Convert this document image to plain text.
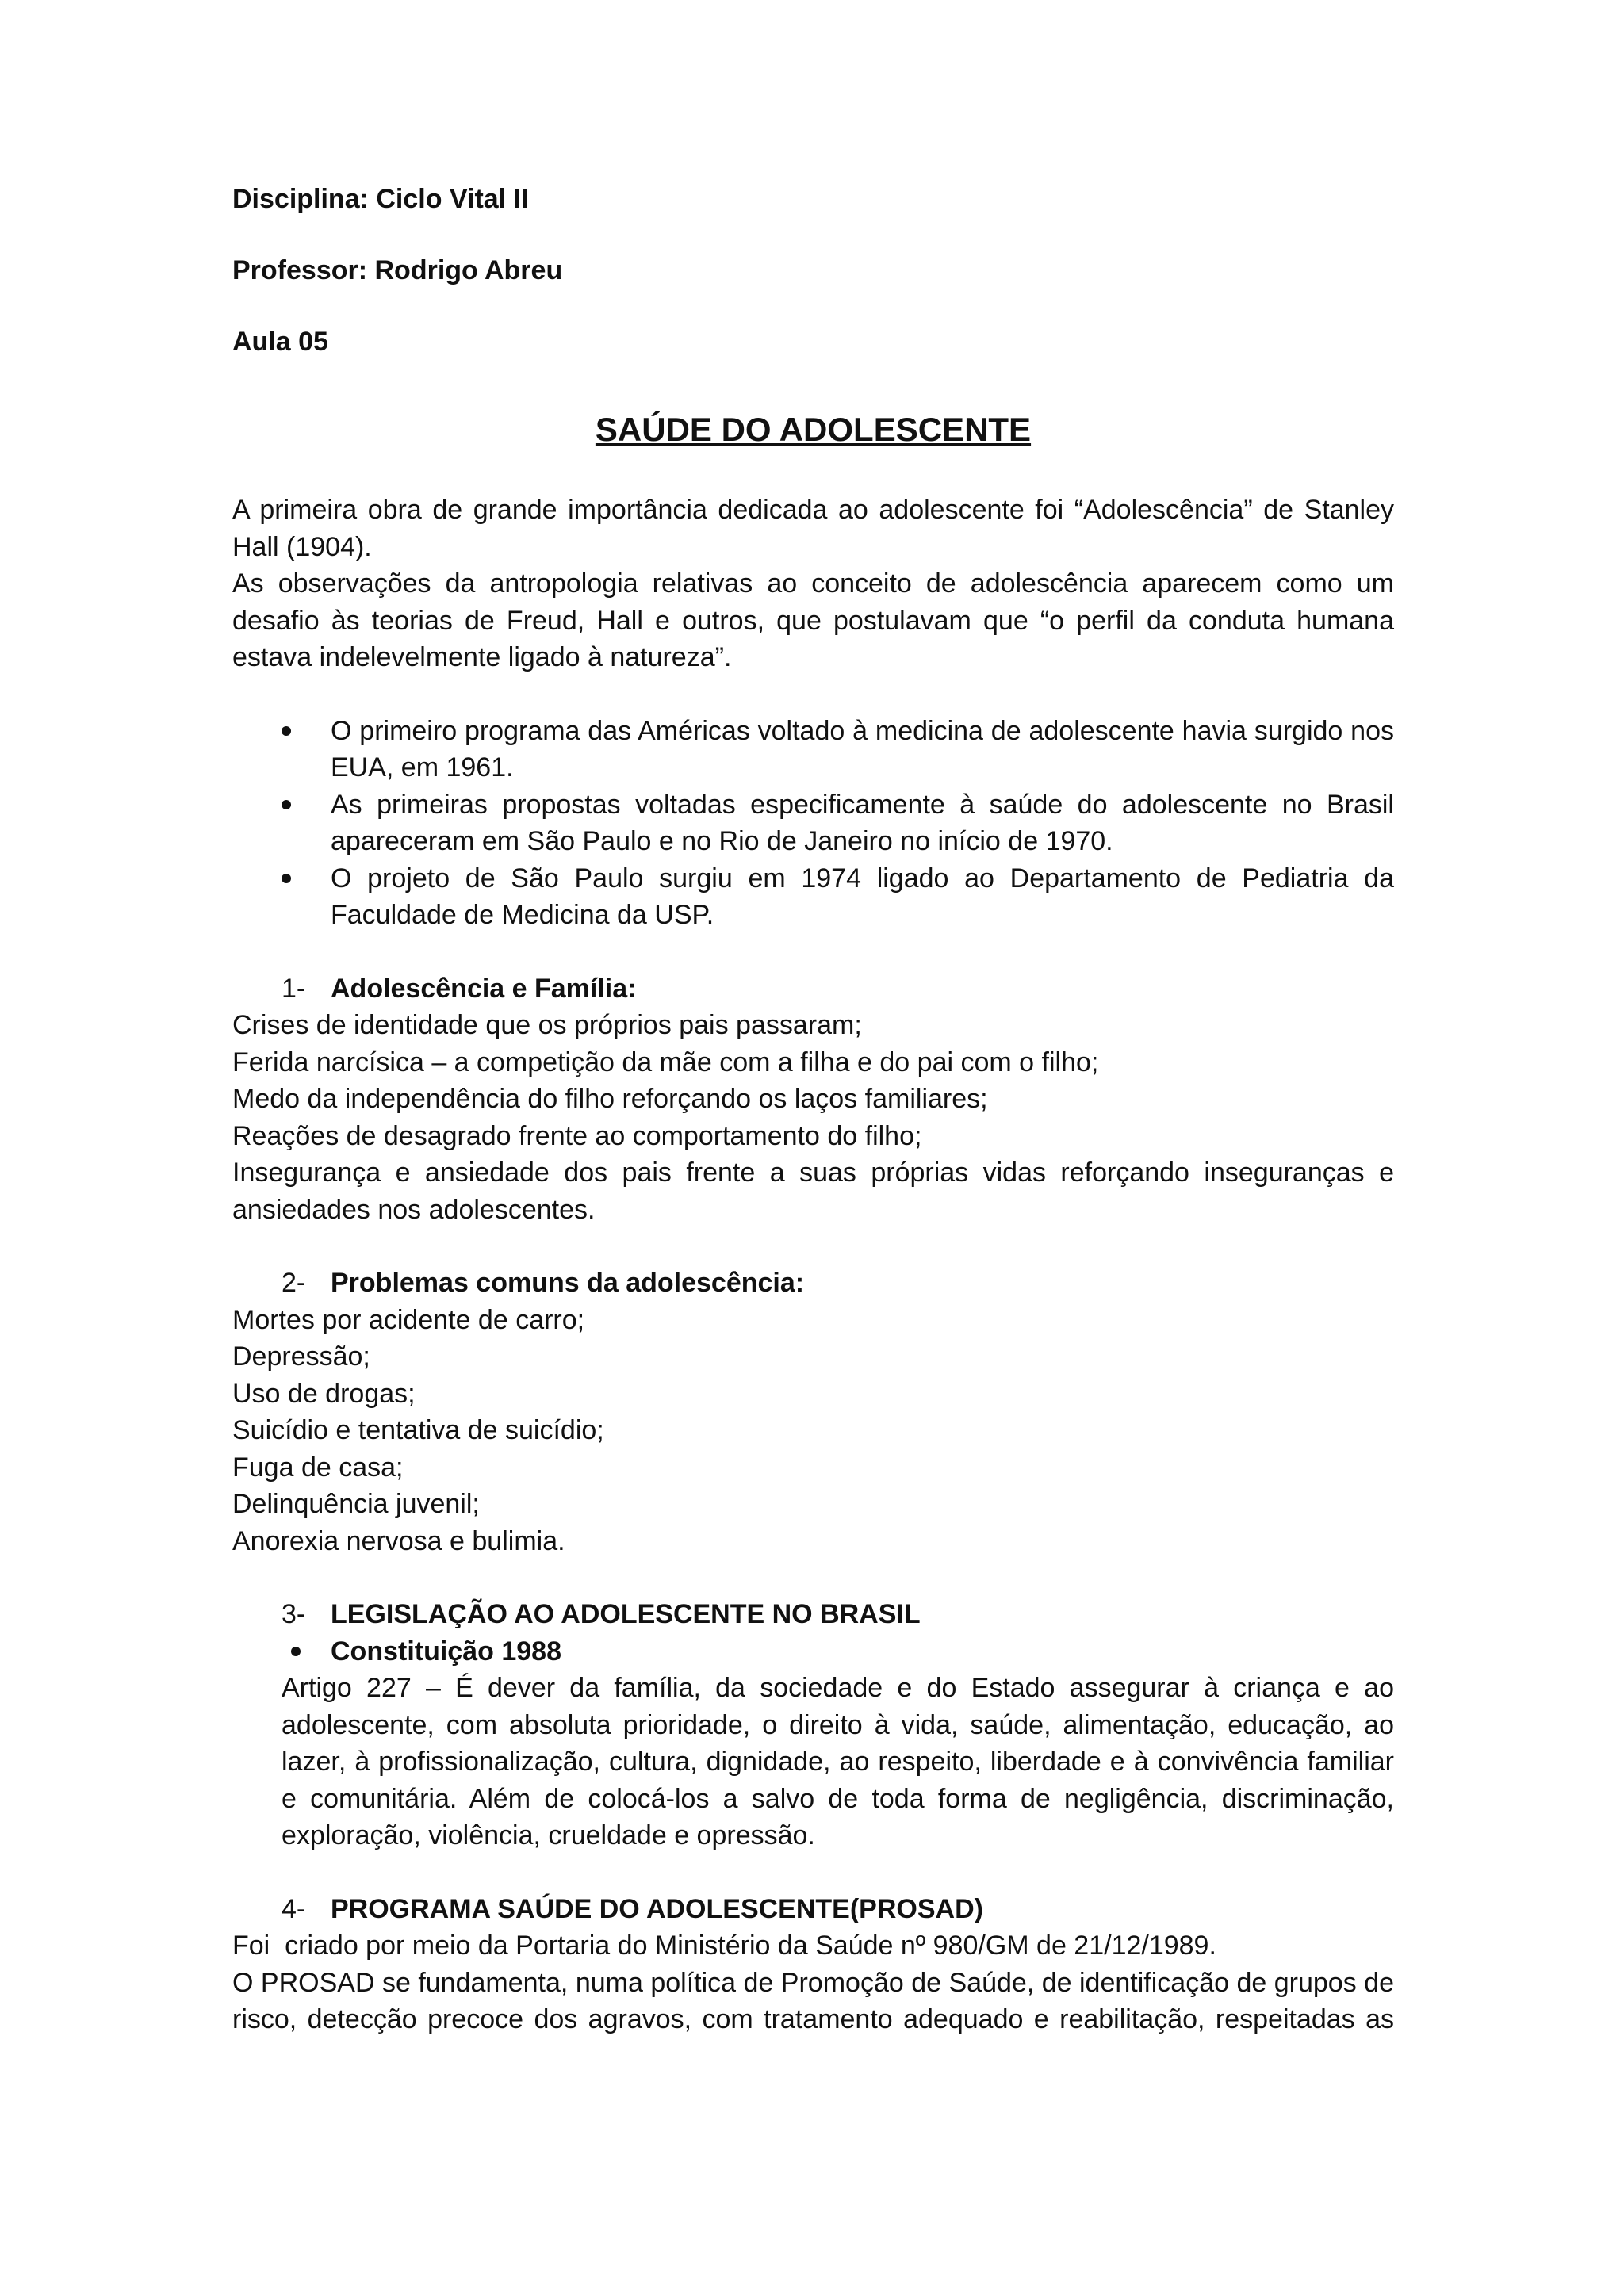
Disciplina: Ciclo Vital II

Professor: Rodrigo Abreu

Aula 05

SAÚDE DO ADOLESCENTE

A primeira obra de grande importância dedicada ao adolescente foi “Adolescência” de Stanley Hall (1904).

As observações da antropologia relativas ao conceito de adolescência aparecem como um desafio às teorias de Freud, Hall e outros, que postulavam que “o perfil da conduta humana estava indelevelmente ligado à natureza”.

O primeiro programa das Américas voltado à medicina de adolescente havia surgido nos EUA, em 1961.
As primeiras propostas voltadas especificamente à saúde do adolescente no Brasil apareceram em São Paulo e no Rio de Janeiro no início de 1970.
O projeto de São Paulo surgiu em 1974 ligado ao Departamento de Pediatria da Faculdade de Medicina da USP.
1- Adolescência e Família:

Crises de identidade que os próprios pais passaram;

Ferida narcísica – a competição da mãe com a filha e do pai com o filho;

Medo da independência do filho reforçando os laços familiares;

Reações de desagrado frente ao comportamento do filho;

Insegurança e ansiedade dos pais frente a suas próprias vidas reforçando inseguranças e ansiedades nos adolescentes.

2- Problemas comuns da adolescência:

Mortes por acidente de carro;

Depressão;

Uso de drogas;

Suicídio e tentativa de suicídio;

Fuga de casa;

Delinquência juvenil;

Anorexia nervosa e bulimia.

3- LEGISLAÇÃO AO ADOLESCENTE NO BRASIL
Constituição 1988

Artigo 227 – É dever da família, da sociedade e do Estado assegurar à criança e ao adolescente, com absoluta prioridade, o direito à vida, saúde, alimentação, educação, ao lazer, à profissionalização, cultura, dignidade, ao respeito, liberdade e à convivência familiar e comunitária. Além de colocá-los a salvo de toda forma de negligência, discriminação, exploração, violência, crueldade e opressão.

4- PROGRAMA SAÚDE DO ADOLESCENTE(PROSAD)

Foi  criado por meio da Portaria do Ministério da Saúde nº 980/GM de 21/12/1989.

O PROSAD se fundamenta, numa política de Promoção de Saúde, de identificação de grupos de risco, detecção precoce dos agravos, com tratamento adequado e reabilitação, respeitadas as
